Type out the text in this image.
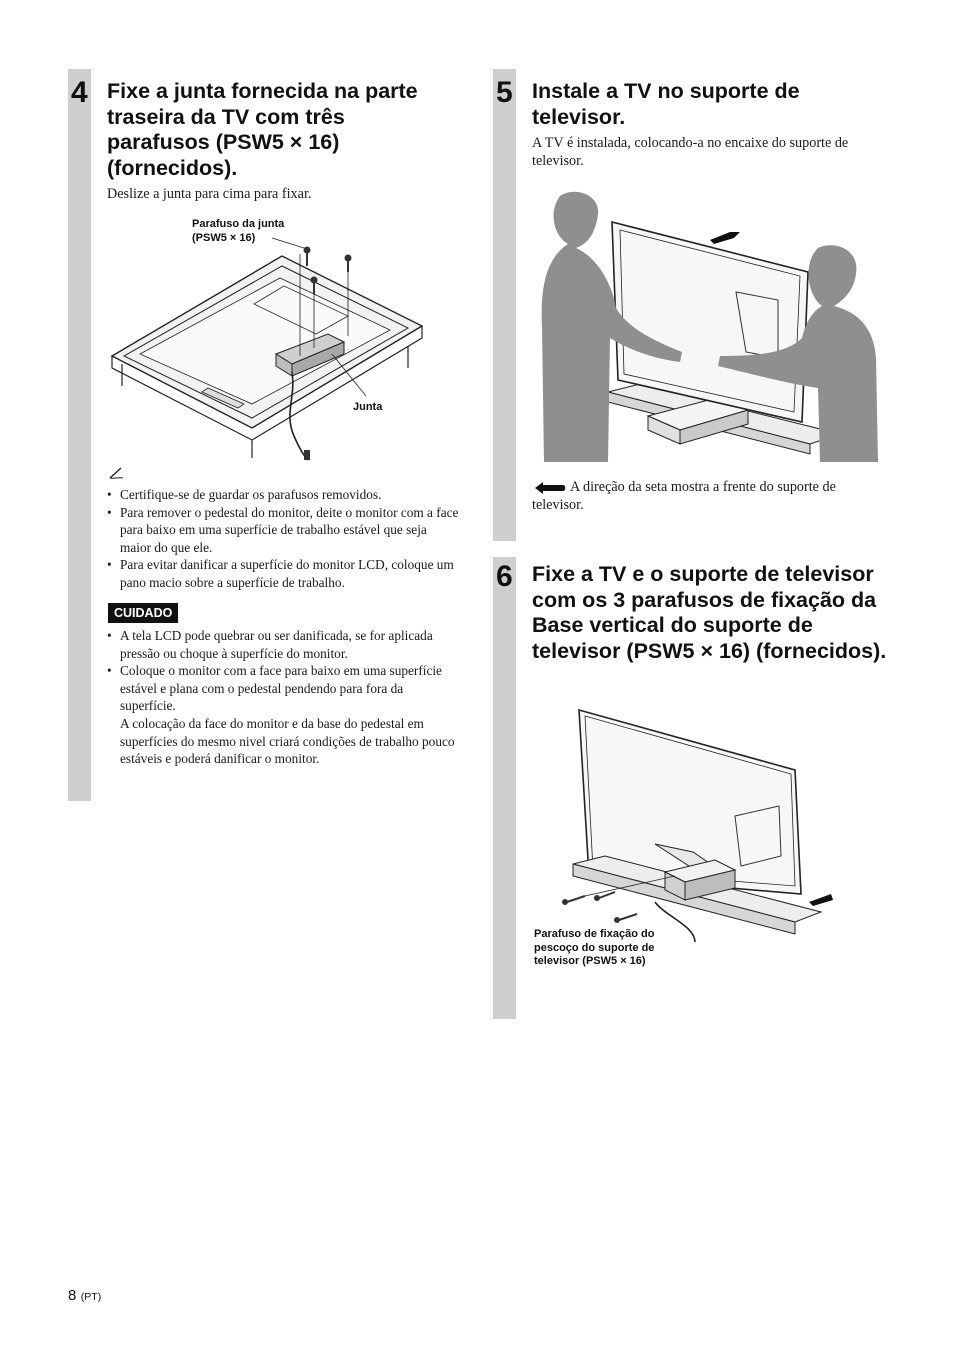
4 Fixe a junta fornecida na parte traseira da TV com três parafusos (PSW5 × 16) (fornecidos).

Deslize a junta para cima para fixar.

Parafuso da junta
(PSW5 × 16)
Junta
• Certifique-se de guardar os parafusos removidos.
• Para remover o pedestal do monitor, deite o monitor com a face para baixo em uma superfície de trabalho estável que seja maior do que ele.
• Para evitar danificar a superfície do monitor LCD, coloque um pano macio sobre a superfície de trabalho.
CUIDADO
• A tela LCD pode quebrar ou ser danificada, se for aplicada pressão ou choque à superfície do monitor.
• Coloque o monitor com a face para baixo em uma superfície estável e plana com o pedestal pendendo para fora da superfície.
A colocação da face do monitor e da base do pedestal em superfícies do mesmo nivel criará condições de trabalho pouco estáveis e poderá danificar o monitor.
5 Instale a TV no suporte de televisor.

A TV é instalada, colocando-a no encaixe do suporte de televisor.

A direção da seta mostra a frente do suporte de televisor.

6 Fixe a TV e o suporte de televisor com os 3 parafusos de fixação da Base vertical do suporte de televisor (PSW5 × 16) (fornecidos).
Parafuso de fixação do pescoço do suporte de televisor (PSW5 × 16)
8 (PT)
